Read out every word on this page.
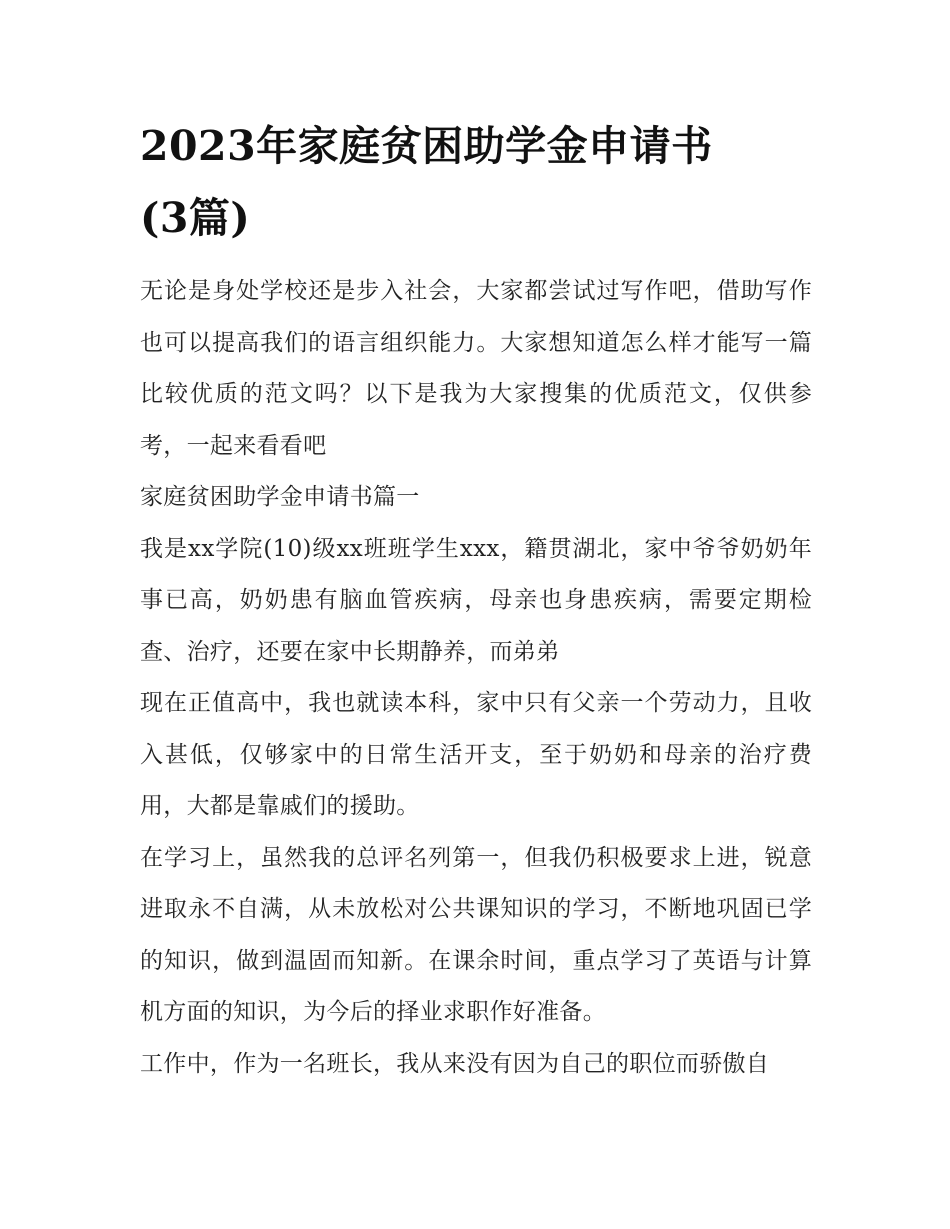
2023年家庭贫困助学金申请书
(3篇)

无论是身处学校还是步入社会，大家都尝试过写作吧，借助写作也可以提高我们的语言组织能力。大家想知道怎么样才能写一篇比较优质的范文吗？以下是我为大家搜集的优质范文，仅供参考，一起来看看吧

家庭贫困助学金申请书篇一

我是xx学院(10)级xx班班学生xxx，籍贯湖北，家中爷爷奶奶年事已高，奶奶患有脑血管疾病，母亲也身患疾病，需要定期检查、治疗，还要在家中长期静养，而弟弟

现在正值高中，我也就读本科，家中只有父亲一个劳动力，且收入甚低，仅够家中的日常生活开支，至于奶奶和母亲的治疗费用，大都是靠戚们的援助。

在学习上，虽然我的总评名列第一，但我仍积极要求上进，锐意进取永不自满，从未放松对公共课知识的学习，不断地巩固已学的知识，做到温固而知新。在课余时间，重点学习了英语与计算机方面的知识，为今后的择业求职作好准备。

工作中，作为一名班长，我从来没有因为自己的职位而骄傲自
